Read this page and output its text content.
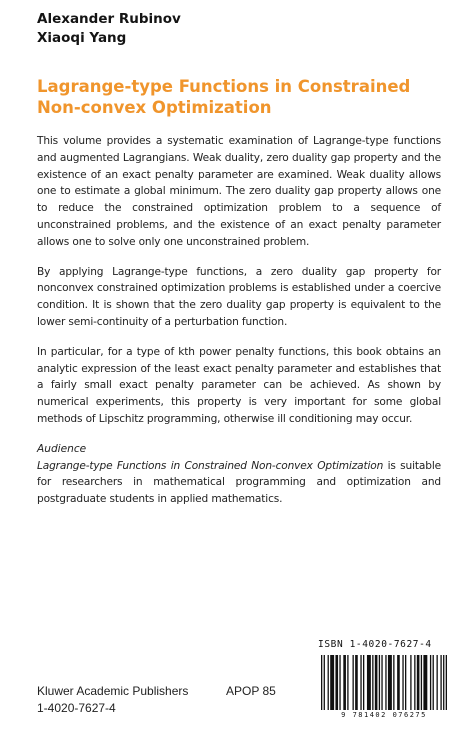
Alexander Rubinov
Xiaoqi Yang
Lagrange-type Functions in Constrained
Non-convex Optimization

This volume provides a systematic examination of Lagrange-type functions and augmented Lagrangians. Weak duality, zero duality gap property and the existence of an exact penalty parameter are examined. Weak duality allows one to estimate a global minimum. The zero duality gap property allows one to reduce the constrained optimization problem to a sequence of unconstrained problems, and the existence of an exact penalty parameter allows one to solve only one unconstrained problem.

By applying Lagrange-type functions, a zero duality gap property for nonconvex constrained optimization problems is established under a coercive condition. It is shown that the zero duality gap property is equivalent to the lower semi-continuity of a perturbation function.

In particular, for a type of kth power penalty functions, this book obtains an analytic expression of the least exact penalty parameter and establishes that a fairly small exact penalty parameter can be achieved. As shown by numerical experiments, this property is very important for some global methods of Lipschitz programming, otherwise ill conditioning may occur.

Audience
Lagrange-type Functions in Constrained Non-convex Optimization is suitable for researchers in mathematical programming and optimization and postgraduate students in applied mathematics.
ISBN 1-4020-7627-4
9 781402 076275
Kluwer Academic Publishers	APOP 85
1-4020-7627-4
